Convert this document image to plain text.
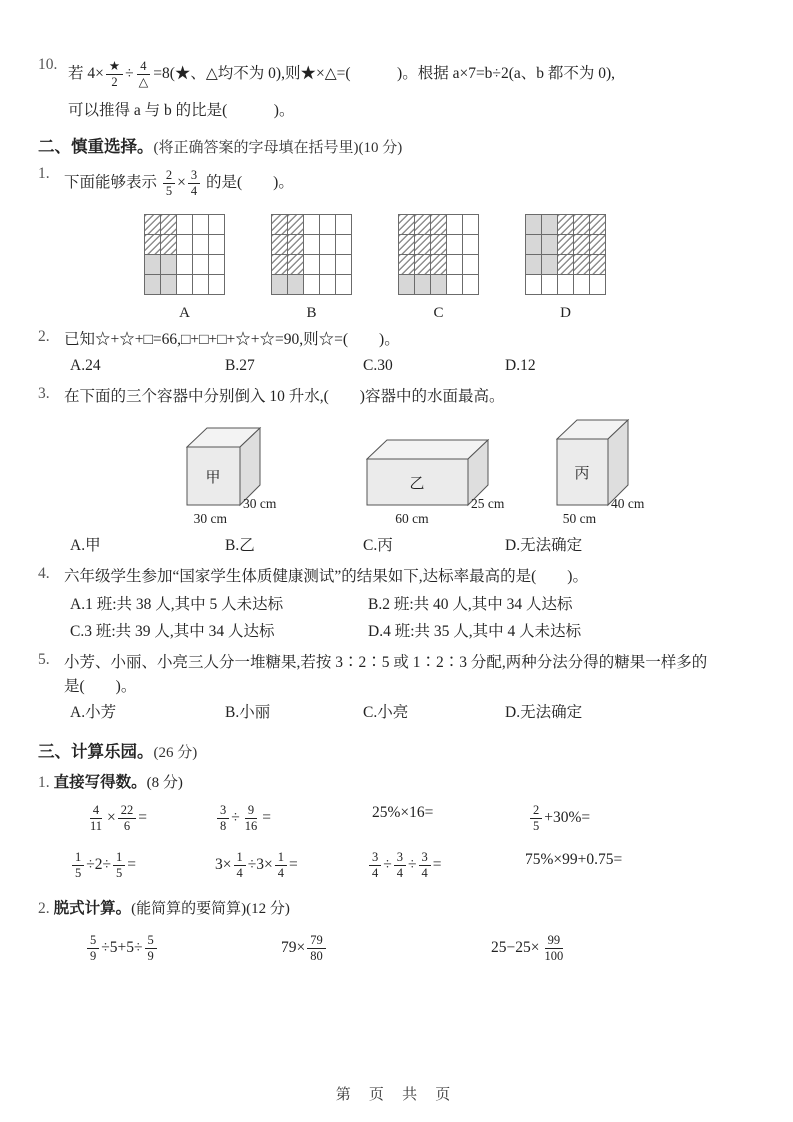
10.
若 $4\times \frac{★}{2} \div \frac{4}{\triangle}$ =8(★、△均不为 0),则★×△=(　　　)。根据 a×7=b÷2(a、b 都不为 0),
可以推得 a 与 b 的比是(　　　)。
二、慎重选择。(将正确答案的字母填在括号里)(10 分)
1.
下面能够表示 $\frac{2}{5} \times \frac{3}{4}$ 的是(　　)。
A	B	C	D
2. 已知☆+☆+□=66,□+□+□+☆+☆=90,则☆=(　　)。
A.24	B.27	C.30	D.12
3. 在下面的三个容器中分别倒入 10 升水,(　　)容器中的水面最高。
甲
30 cm
30 cm
乙
25 cm
60 cm
丙
40 cm
50 cm
A.甲	B.乙	C.丙	D.无法确定
4. 六年级学生参加“国家学生体质健康测试”的结果如下,达标率最高的是(　　)。
A.1 班:共 38 人,其中 5 人未达标	B.2 班:共 40 人,其中 34 人达标
C.3 班:共 39 人,其中 34 人达标	D.4 班:共 35 人,其中 4 人未达标
5. 小芳、小丽、小亮三人分一堆糖果,若按 3∶2∶5 或 1∶2∶3 分配,两种分法分得的糖果一样多的
是(　　)。
A.小芳	B.小丽	C.小亮	D.无法确定
三、计算乐园。(26 分)
1. 直接写得数。(8 分)
$\frac{4}{11} \times \frac{22}{6}$ =	$\frac{3}{8} \div \frac{9}{16}$ =	25%×16=	$\frac{2}{5} +30\%=$
$\frac{1}{5} \div 2\div \frac{1}{5}$ =	$3\times \frac{1}{4} \div 3\times \frac{1}{4}$ =	$\frac{3}{4} \div \frac{3}{4} \div \frac{3}{4}$ =	75%×99+0.75=
2. 脱式计算。(能简算的要简算)(12 分)
$\frac{5}{9} \div 5+5\div \frac{5}{9}$	$79\times \frac{79}{80}$	$25-25\times \frac{99}{100}$
第 页 共 页
